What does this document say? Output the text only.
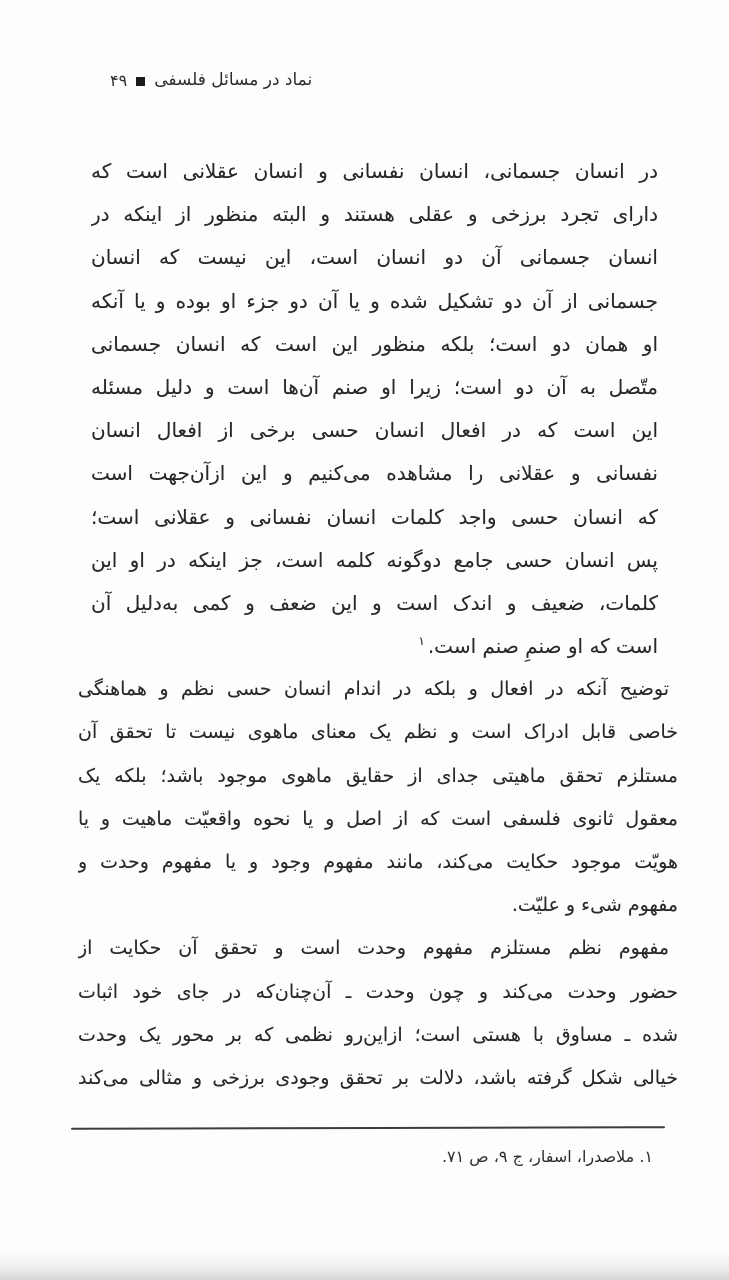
نماد در مسائل فلسفی
۴۹
در انسان جسمانی، انسان نفسانی و انسان عقلانی است که
دارای تجرد برزخی و عقلی هستند و البته منظور از اینکه در
انسان جسمانی آن دو انسان است، این نیست که انسان
جسمانی از آن دو تشکیل شده و یا آن دو جزء او بوده و یا آنکه
او همان دو است؛ بلکه منظور این است که انسان جسمانی
متّصل به آن دو است؛ زیرا او صنم آن‌ها است و دلیل مسئله
این است که در افعال انسان حسی برخی از افعال انسان
نفسانی و عقلانی را مشاهده می‌کنیم و این ازآن‌جهت است
که انسان حسی واجد کلمات انسان نفسانی و عقلانی است؛
پس انسان حسی جامع دوگونه کلمه است، جز اینکه در او این
کلمات، ضعیف و اندک است و این ضعف و کمی به‌دلیل آن
است که او صنمِ صنم است.$^۱$
توضیح آنکه در افعال و بلکه در اندام انسان حسی نظم و هماهنگی
خاصی قابل ادراک است و نظم یک معنای ماهوی نیست تا تحقق آن
مستلزم تحقق ماهیتی جدای از حقایق ماهوی موجود باشد؛ بلکه یک
معقول ثانوی فلسفی است که از اصل و یا نحوه واقعیّت ماهیت و یا
هویّت موجود حکایت می‌کند، مانند مفهوم وجود و یا مفهوم وحدت و
مفهوم شیء و علیّت.
مفهوم نظم مستلزم مفهوم وحدت است و تحقق آن حکایت از
حضور وحدت می‌کند و چون وحدت ـ آن‌چنان‌که در جای خود اثبات
شده ـ مساوق با هستی است؛ ازاین‌رو نظمی که بر محور یک وحدت
خیالی شکل گرفته باشد، دلالت بر تحقق وجودی برزخی و مثالی می‌کند
۱. ملاصدرا، اسفار، ج ۹، ص ۷۱.
